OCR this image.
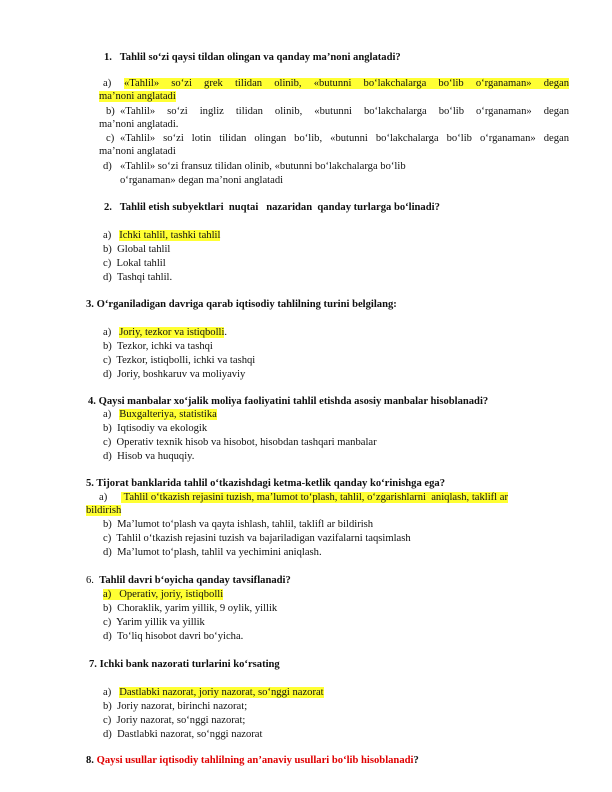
1. Tahlil so‘zi qaysi tildan olingan va qanday ma’noni anglatadi?
a)	«Tahlil» so‘zi grek tilidan olinib, «butunni bo‘lakchalarga bo‘lib o‘rganaman» degan
ma’noni anglatadi
b) «Tahlil» so‘zi ingliz tilidan olinib, «butunni bo‘lakchalarga bo‘lib o‘rganaman» degan
ma’noni anglatadi.
c) «Tahlil» so‘zi lotin tilidan olingan bo‘lib, «butunni bo‘lakchalarga bo‘lib o‘rganaman» degan
ma’noni anglatadi
d) «Tahlil» so‘zi fransuz tilidan olinib, «butunni bo‘lakchalarga bo‘lib
o‘rganaman» degan ma’noni anglatadi
2. Tahlil etish subyektlari  nuqtai   nazaridan  qanday turlarga bo‘linadi?
a) Ichki tahlil, tashki tahlil
b) Global tahlil
c) Lokal tahlil
d) Tashqi tahlil.
3. O‘rganiladigan davriga qarab iqtisodiy tahlilning turini belgilang:
a) Joriy, tezkor va istiqbolli.
b) Tezkor, ichki va tashqi
c) Tezkor, istiqbolli, ichki va tashqi
d) Joriy, boshkaruv va moliyaviy
4. Qaysi manbalar xo‘jalik moliya faoliyatini tahlil etishda asosiy manbalar hisoblanadi?
a) Buxgalteriya, statistika
b) Iqtisodiy va ekologik
c) Operativ texnik hisob va hisobot, hisobdan tashqari manbalar
d) Hisob va huquqiy.
5. Tijorat banklarida tahlil o‘tkazishdagi ketma-ketlik qanday ko‘rinishga ega?
a) Tahlil o‘tkazish rejasini tuzish, ma’lumot to‘plash, tahlil, o‘zgarishlarni  aniqlash, taklifl ar
bildirish
b) Ma’lumot to‘plash va qayta ishlash, tahlil, taklifl ar bildirish
c) Tahlil o‘tkazish rejasini tuzish va bajariladigan vazifalarni taqsimlash
d) Ma’lumot to‘plash, tahlil va yechimini aniqlash.
6. Tahlil davri b‘oyicha qanday tavsiflanadi?
a) Operativ, joriy, istiqbolli
b) Choraklik, yarim yillik, 9 oylik, yillik
c) Yarim yillik va yillik
d) To‘liq hisobot davri bo‘yicha.
7. Ichki bank nazorati turlarini ko‘rsating
a) Dastlabki nazorat, joriy nazorat, so‘nggi nazorat
b) Joriy nazorat, birinchi nazorat;
c) Joriy nazorat, so‘nggi nazorat;
d) Dastlabki nazorat, so‘nggi nazorat
8. Qaysi usullar iqtisodiy tahlilning an’anaviy usullari bo‘lib hisoblanadi?
